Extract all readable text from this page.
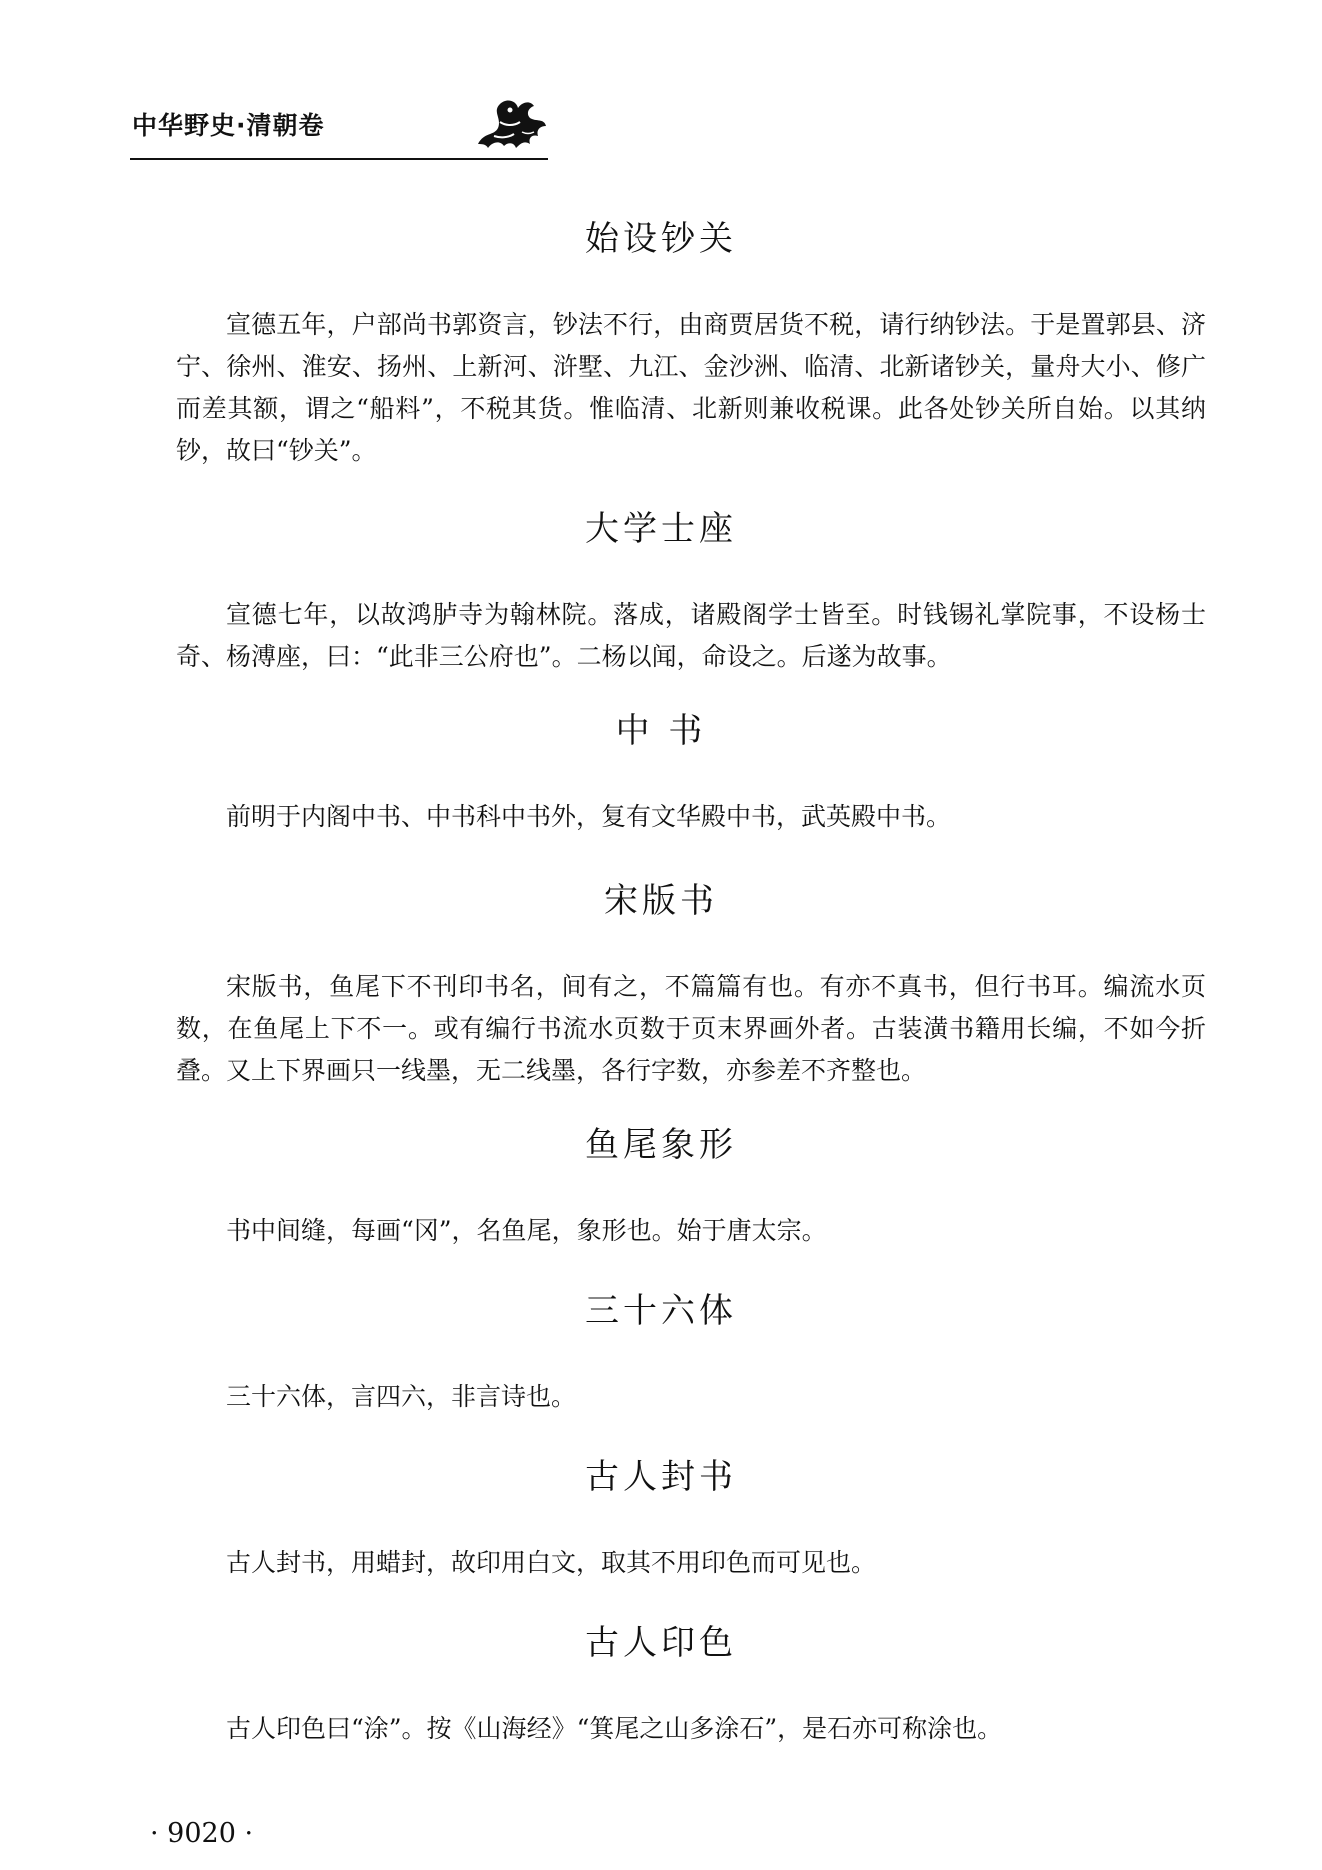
中华野史·清朝卷
始设钞关

宣德五年，户部尚书郭资言，钞法不行，由商贾居货不税，请行纳钞法。于是置郭县、济宁、徐州、淮安、扬州、上新河、浒墅、九江、金沙洲、临清、北新诸钞关，量舟大小、修广而差其额，谓之“船料”，不税其货。惟临清、北新则兼收税课。此各处钞关所自始。以其纳钞，故曰“钞关”。

大学士座

宣德七年，以故鸿胪寺为翰林院。落成，诸殿阁学士皆至。时钱锡礼掌院事，不设杨士奇、杨溥座，曰：“此非三公府也”。二杨以闻，命设之。后遂为故事。

中 书

前明于内阁中书、中书科中书外，复有文华殿中书，武英殿中书。

宋版书

宋版书，鱼尾下不刊印书名，间有之，不篇篇有也。有亦不真书，但行书耳。编流水页数，在鱼尾上下不一。或有编行书流水页数于页末界画外者。古装潢书籍用长编，不如今折叠。又上下界画只一线墨，无二线墨，各行字数，亦参差不齐整也。

鱼尾象形

书中间缝，每画“冈”，名鱼尾，象形也。始于唐太宗。

三十六体

三十六体，言四六，非言诗也。

古人封书

古人封书，用蜡封，故印用白文，取其不用印色而可见也。

古人印色

古人印色曰“涂”。按《山海经》“箕尾之山多涂石”，是石亦可称涂也。

· 9020 ·
